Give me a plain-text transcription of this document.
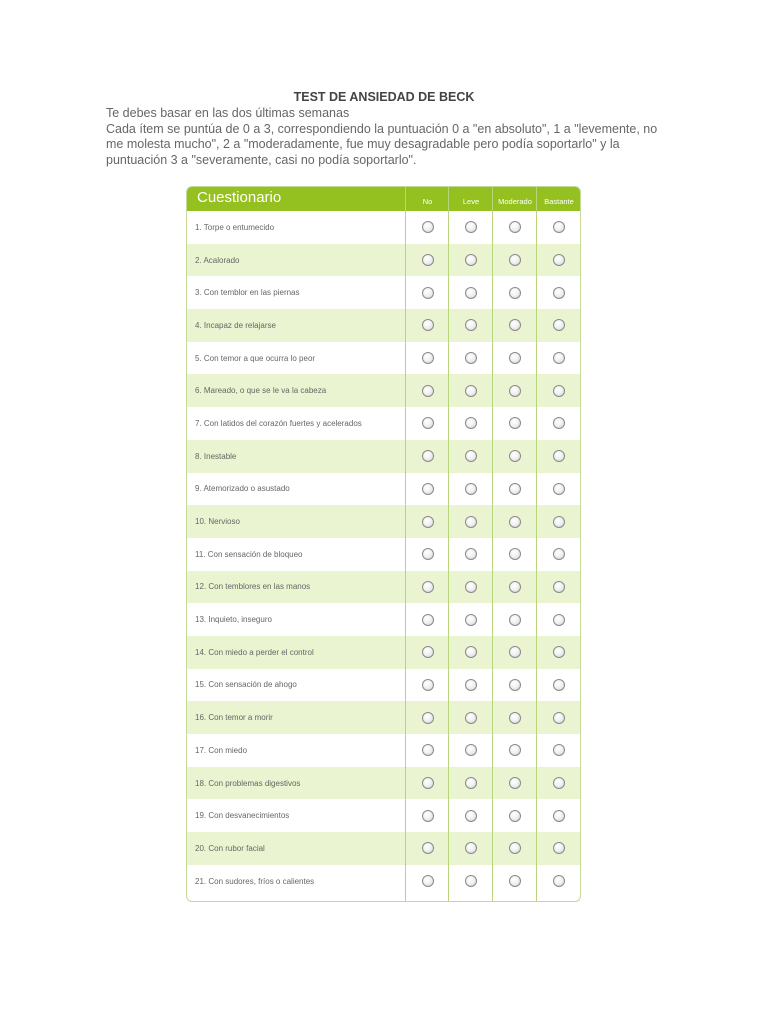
TEST DE ANSIEDAD DE BECK

Te debes basar en las dos últimas semanas

Cada ítem se puntúa de 0 a 3, correspondiendo la puntuación 0 a "en absoluto", 1 a "levemente, no me molesta mucho", 2 a "moderadamente, fue muy desagradable pero podía soportarlo" y la puntuación 3 a "severamente, casi no podía soportarlo".

Cuestionario	No	Leve	Moderado	Bastante
1. Torpe o entumecido
2. Acalorado
3. Con temblor en las piernas
4. Incapaz de relajarse
5. Con temor a que ocurra lo peor
6. Mareado, o que se le va la cabeza
7. Con latidos del corazón fuertes y acelerados
8. Inestable
9. Atemorizado o asustado
10. Nervioso
11. Con sensación de bloqueo
12. Con temblores en las manos
13. Inquieto, inseguro
14. Con miedo a perder el control
15. Con sensación de ahogo
16. Con temor a morir
17. Con miedo
18. Con problemas digestivos
19. Con desvanecimientos
20. Con rubor facial
21. Con sudores, fríos o calientes
